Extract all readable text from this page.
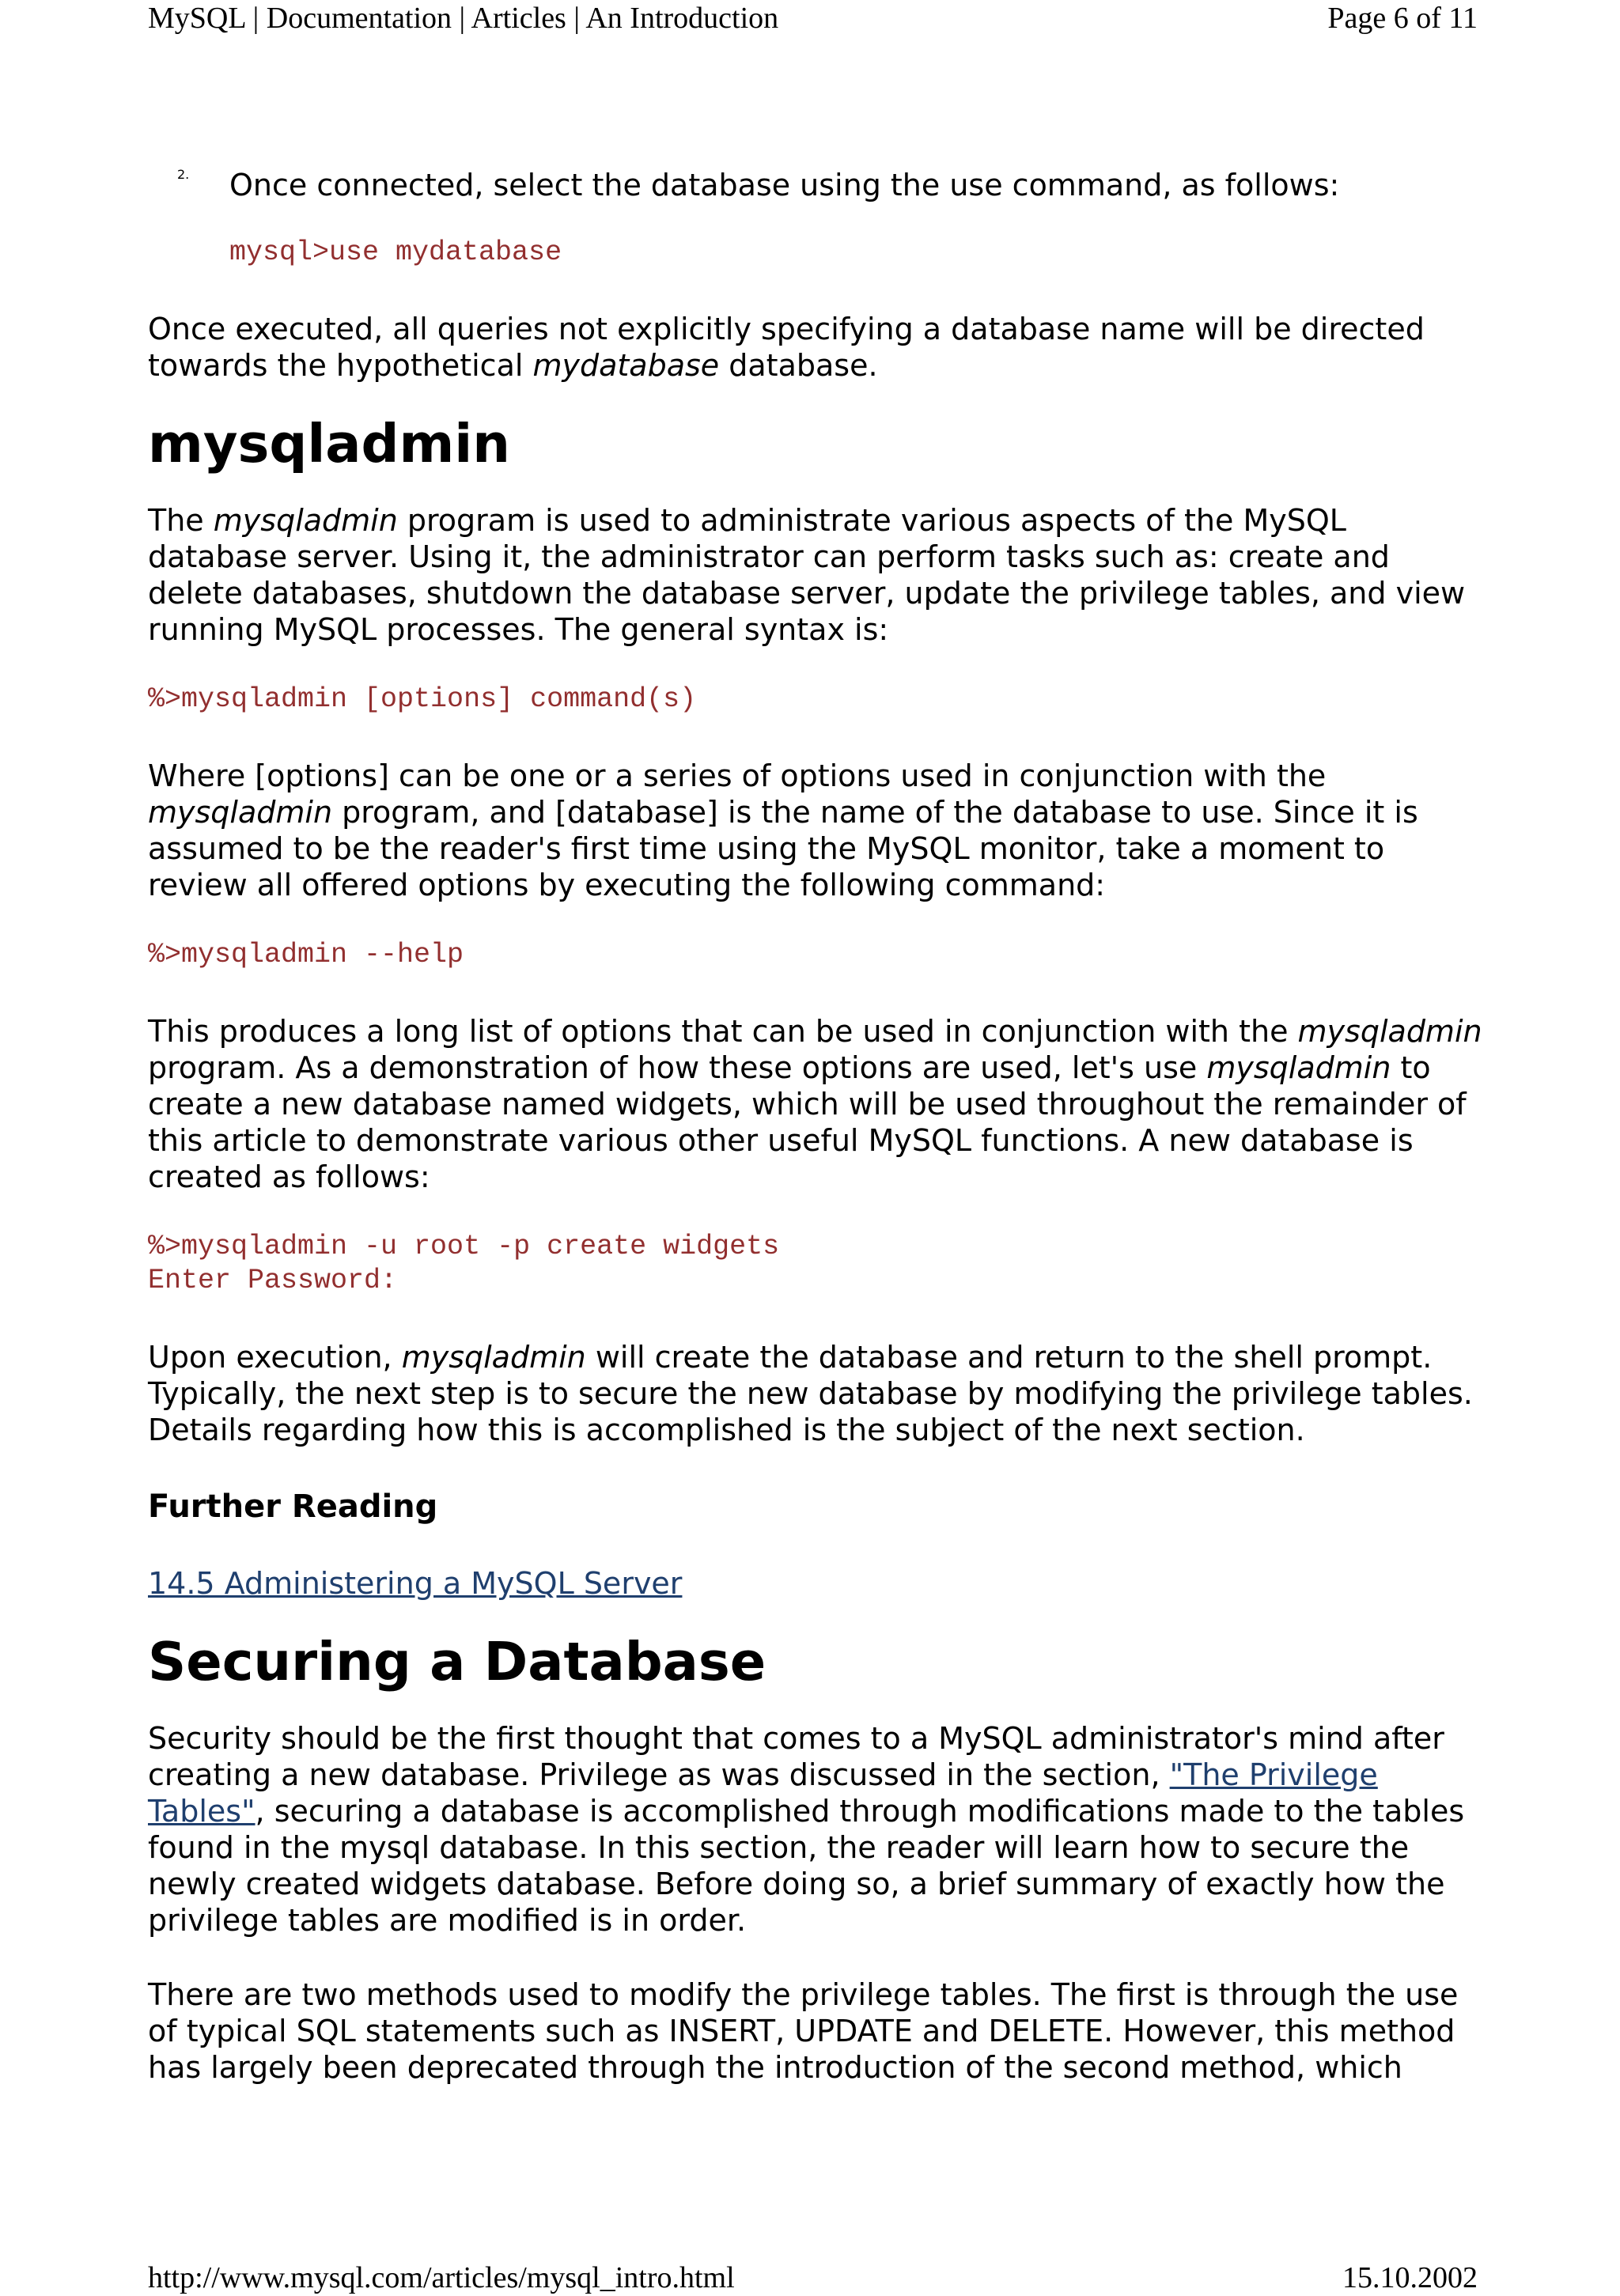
MySQL | Documentation | Articles | An Introduction	Page 6 of 11
2. Once connected, select the database using the use command, as follows:

mysql>use mydatabase

Once executed, all queries not explicitly specifying a database name will be directed towards the hypothetical mydatabase database.

mysqladmin

The mysqladmin program is used to administrate various aspects of the MySQL database server. Using it, the administrator can perform tasks such as: create and delete databases, shutdown the database server, update the privilege tables, and view running MySQL processes. The general syntax is:

%>mysqladmin [options] command(s)

Where [options] can be one or a series of options used in conjunction with the mysqladmin program, and [database] is the name of the database to use. Since it is assumed to be the reader's first time using the MySQL monitor, take a moment to review all offered options by executing the following command:

%>mysqladmin --help

This produces a long list of options that can be used in conjunction with the mysqladmin program. As a demonstration of how these options are used, let's use mysqladmin to create a new database named widgets, which will be used throughout the remainder of this article to demonstrate various other useful MySQL functions. A new database is created as follows:

%>mysqladmin -u root -p create widgets
Enter Password:

Upon execution, mysqladmin will create the database and return to the shell prompt. Typically, the next step is to secure the new database by modifying the privilege tables. Details regarding how this is accomplished is the subject of the next section.

Further Reading

14.5 Administering a MySQL Server

Securing a Database

Security should be the first thought that comes to a MySQL administrator's mind after creating a new database. Privilege as was discussed in the section, "The Privilege Tables", securing a database is accomplished through modifications made to the tables found in the mysql database. In this section, the reader will learn how to secure the newly created widgets database. Before doing so, a brief summary of exactly how the privilege tables are modified is in order.

There are two methods used to modify the privilege tables. The first is through the use of typical SQL statements such as INSERT, UPDATE and DELETE. However, this method has largely been deprecated through the introduction of the second method, which

http://www.mysql.com/articles/mysql_intro.html	15.10.2002
